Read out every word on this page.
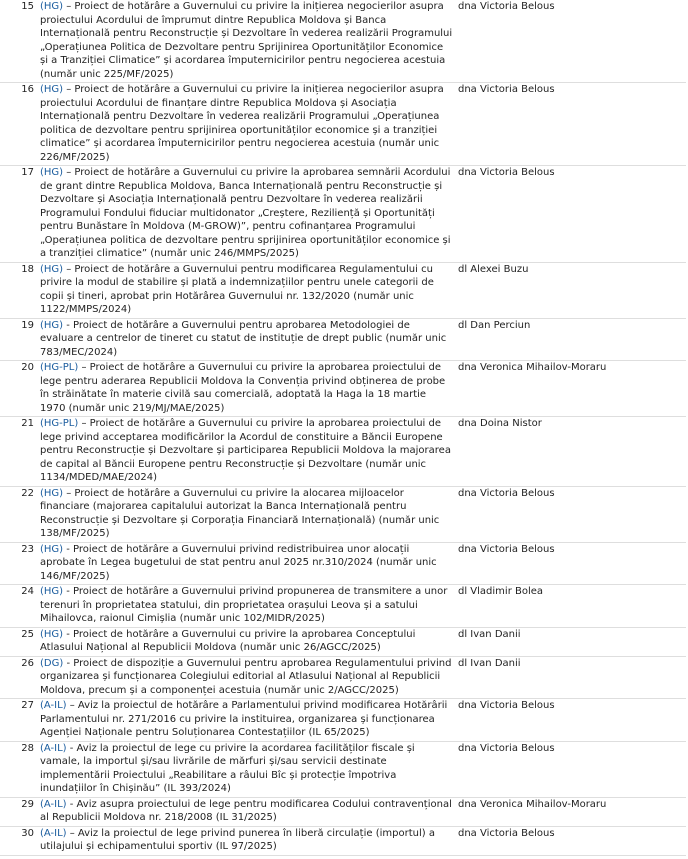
15	(HG) – Proiect de hotărâre a Guvernului cu privire la inițierea negocierilor asupra proiectului Acordului de împrumut dintre Republica Moldova și Banca Internațională pentru Reconstrucție și Dezvoltare în vederea realizării Programului „Operațiunea Politica de Dezvoltare pentru Sprijinirea Oportunităților Economice și a Tranziției Climatice” și acordarea împuternicirilor pentru negocierea acestuia (număr unic 225/MF/2025)	dna Victoria Belous
16	(HG) – Proiect de hotărâre a Guvernului cu privire la inițierea negocierilor asupra proiectului Acordului de finanțare dintre Republica Moldova și Asociația Internațională pentru Dezvoltare în vederea realizării Programului „Operațiunea politica de dezvoltare pentru sprijinirea oportunităților economice și a tranziției climatice” și acordarea împuternicirilor pentru negocierea acestuia (număr unic 226/MF/2025)	dna Victoria Belous
17	(HG) – Proiect de hotărâre a Guvernului cu privire la aprobarea semnării Acordului de grant dintre Republica Moldova, Banca Internațională pentru Reconstrucție și Dezvoltare și Asociația Internațională pentru Dezvoltare în vederea realizării Programului Fondului fiduciar multidonator „Creștere, Reziliență și Oportunități pentru Bunăstare în Moldova (M-GROW)”, pentru cofinanțarea Programului „Operațiunea politica de dezvoltare pentru sprijinirea oportunităților economice și a tranziției climatice” (număr unic 246/MMPS/2025)	dna Victoria Belous
18	(HG) – Proiect de hotărâre a Guvernului pentru modificarea Regulamentului cu privire la modul de stabilire și plată a indemnizațiilor pentru unele categorii de copii și tineri, aprobat prin Hotărârea Guvernului nr. 132/2020 (număr unic 1122/MMPS/2024)	dl Alexei Buzu
19	(HG) - Proiect de hotărâre a Guvernului pentru aprobarea Metodologiei de evaluare a centrelor de tineret cu statut de instituție de drept public (număr unic 783/MEC/2024)	dl Dan Perciun
20	(HG-PL) – Proiect de hotărâre a Guvernului cu privire la aprobarea proiectului de lege pentru aderarea Republicii Moldova la Convenția privind obținerea de probe în străinătate în materie civilă sau comercială, adoptată la Haga la 18 martie 1970 (număr unic 219/MJ/MAE/2025)	dna Veronica Mihailov-Moraru
21	(HG-PL) – Proiect de hotărâre a Guvernului cu privire la aprobarea proiectului de lege privind acceptarea modificărilor la Acordul de constituire a Băncii Europene pentru Reconstrucție și Dezvoltare și participarea Republicii Moldova la majorarea de capital al Băncii Europene pentru Reconstrucție și Dezvoltare (număr unic 1134/MDED/MAE/2024)	dna Doina Nistor
22	(HG) – Proiect de hotărâre a Guvernului cu privire la alocarea mijloacelor financiare (majorarea capitalului autorizat la Banca Internațională pentru Reconstrucție și Dezvoltare și Corporația Financiară Internațională) (număr unic 138/MF/2025)	dna Victoria Belous
23	(HG) - Proiect de hotărâre a Guvernului privind redistribuirea unor alocații aprobate în Legea bugetului de stat pentru anul 2025 nr.310/2024 (număr unic 146/MF/2025)	dna Victoria Belous
24	(HG) - Proiect de hotărâre a Guvernului privind propunerea de transmitere a unor terenuri în proprietatea statului, din proprietatea orașului Leova și a satului Mihailovca, raionul Cimișlia (număr unic 102/MIDR/2025)	dl Vladimir Bolea
25	(HG) - Proiect de hotărâre a Guvernului cu privire la aprobarea Conceptului Atlasului Național al Republicii Moldova (număr unic 26/AGCC/2025)	dl Ivan Danii
26	(DG) - Proiect de dispoziție a Guvernului pentru aprobarea Regulamentului privind organizarea și funcționarea Colegiului editorial al Atlasului Național al Republicii Moldova, precum și a componenței acestuia (număr unic 2/AGCC/2025)	dl Ivan Danii
27	(A-IL) – Aviz la proiectul de hotărâre a Parlamentului privind modificarea Hotărârii Parlamentului nr. 271/2016 cu privire la instituirea, organizarea și funcționarea Agenției Naționale pentru Soluționarea Contestațiilor (IL 65/2025)	dna Victoria Belous
28	(A-IL) - Aviz la proiectul de lege cu privire la acordarea facilităților fiscale și vamale, la importul și/sau livrările de mărfuri și/sau servicii destinate implementării Proiectului „Reabilitare a râului Bîc și protecție împotriva inundațiilor în Chișinău” (IL 393/2024)	dna Victoria Belous
29	(A-IL) - Aviz asupra proiectului de lege pentru modificarea Codului contravențional al Republicii Moldova nr. 218/2008 (IL 31/2025)	dna Veronica Mihailov-Moraru
30	(A-IL) – Aviz la proiectul de lege privind punerea în liberă circulație (importul) a utilajului și echipamentului sportiv (IL 97/2025)	dna Victoria Belous
